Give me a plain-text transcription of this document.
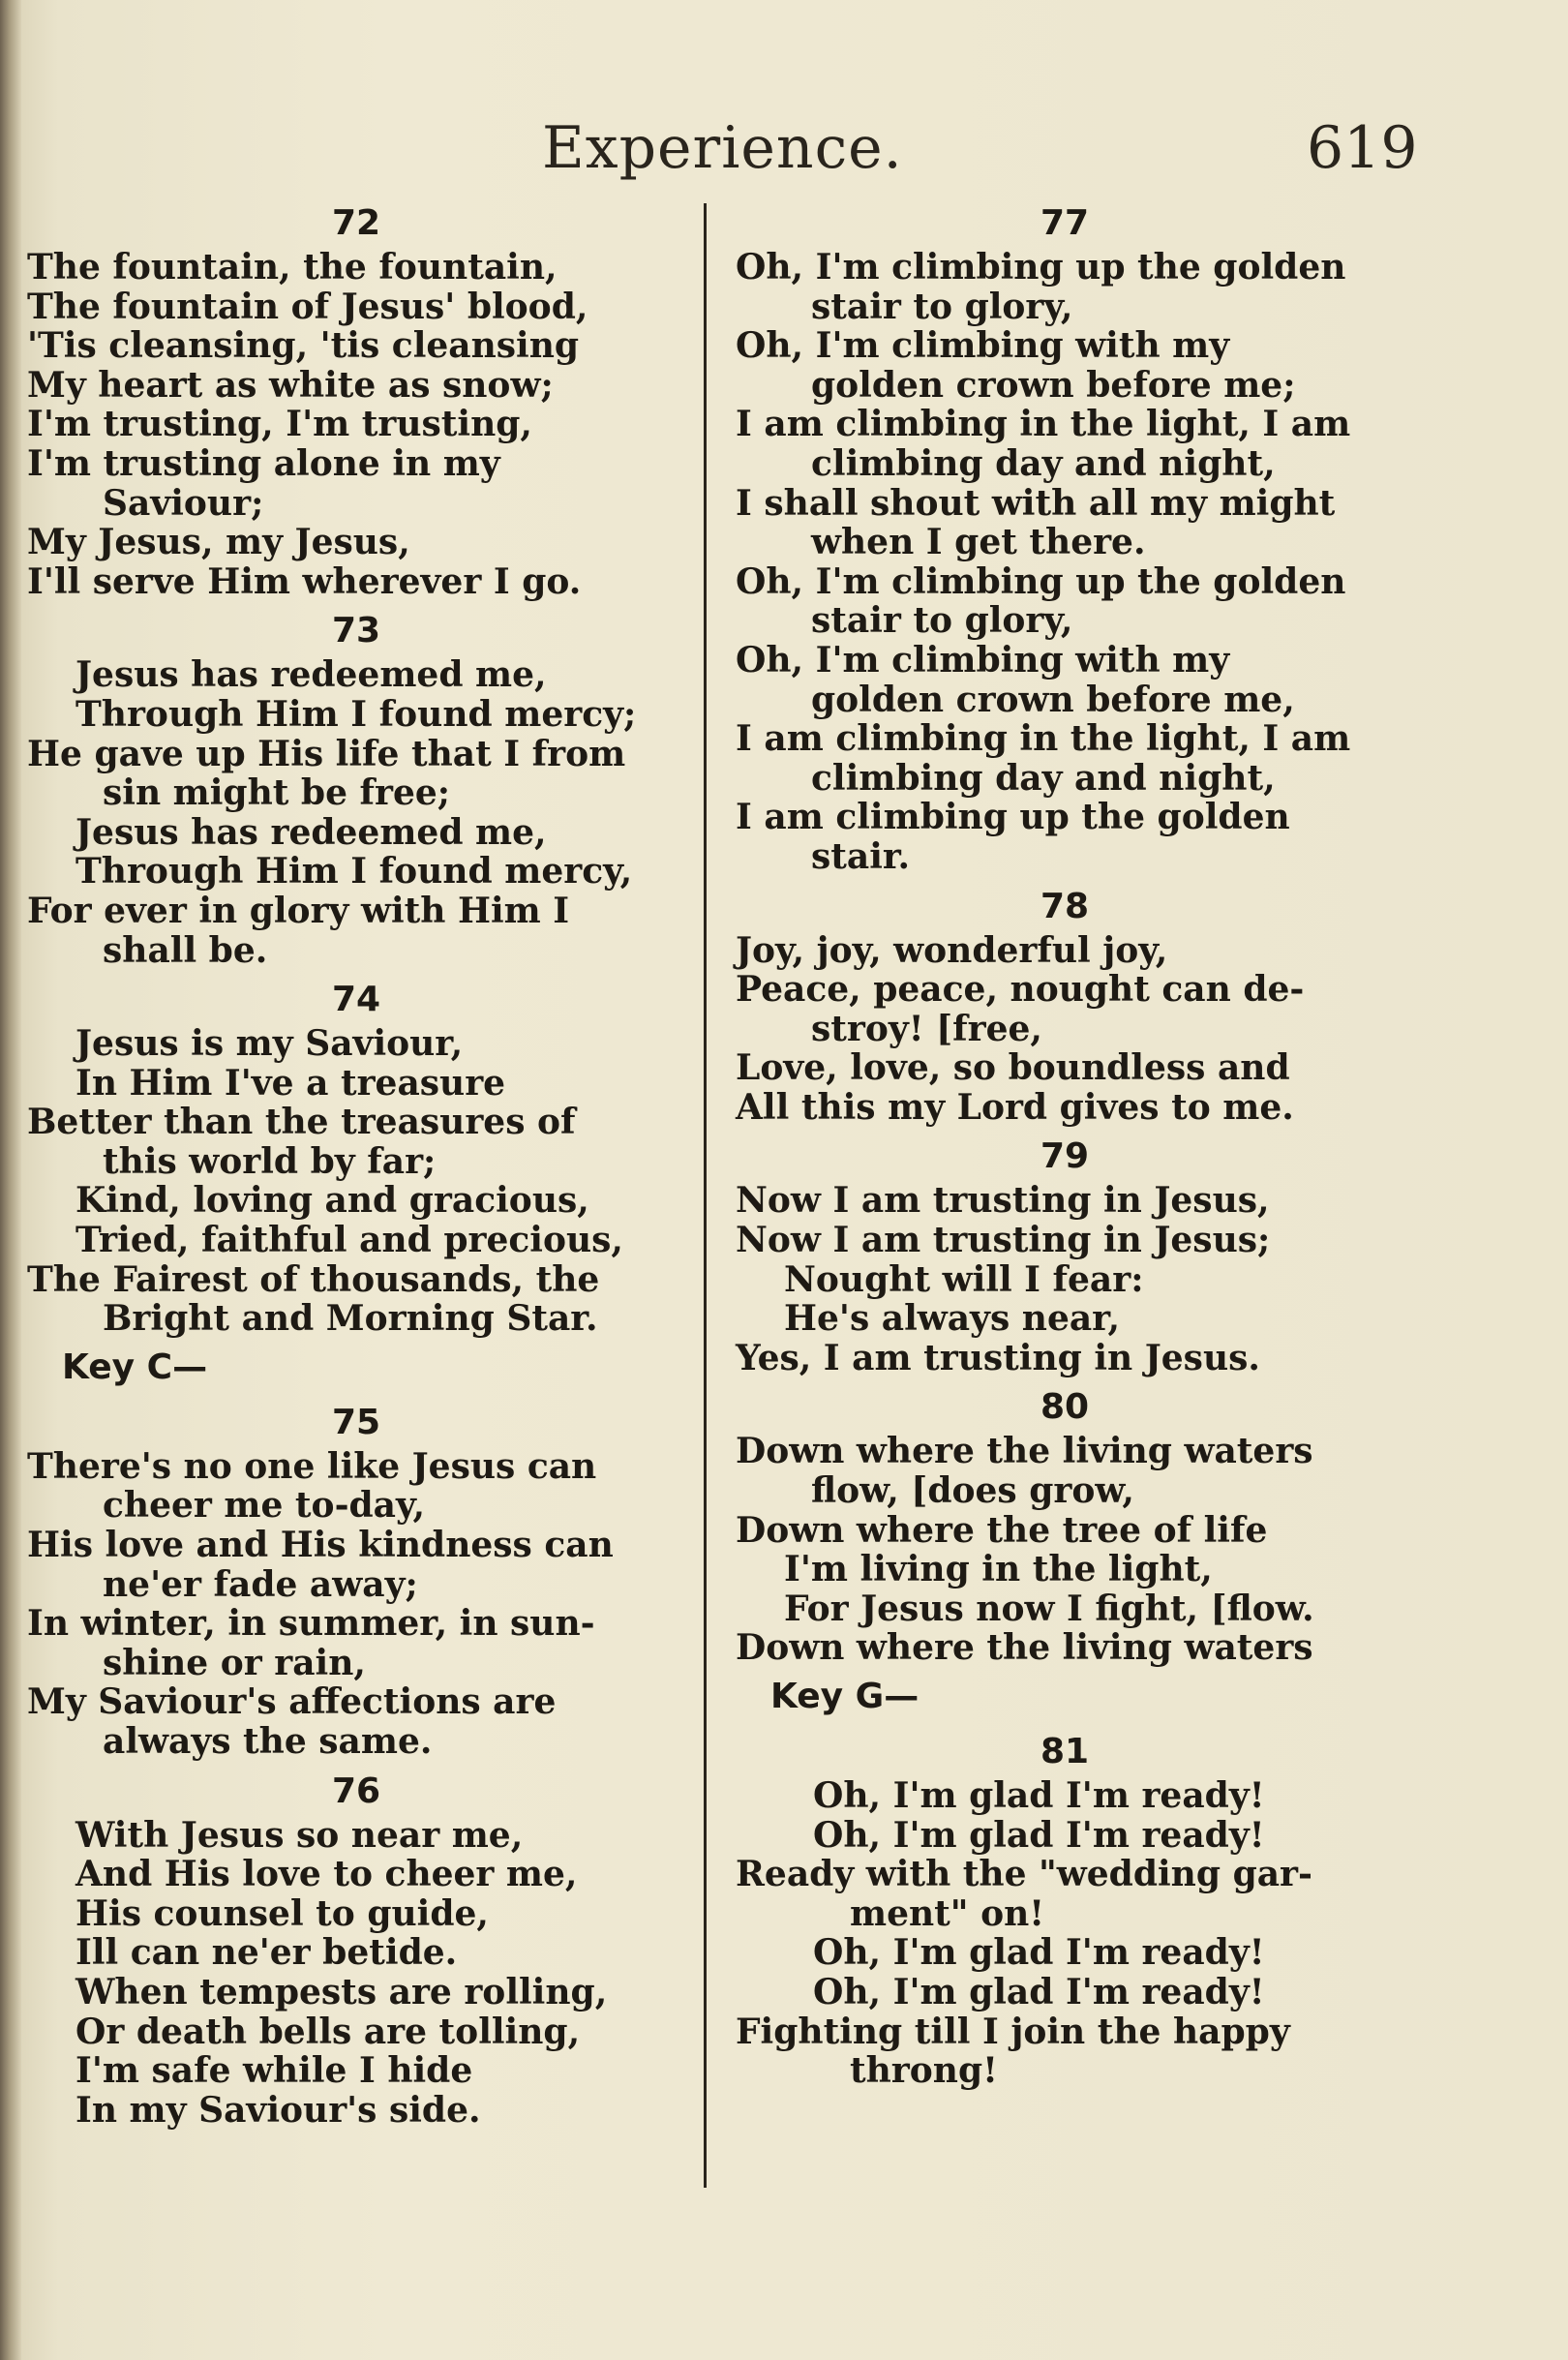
Experience.	619
72
The fountain, the fountain,
The fountain of Jesus' blood,
'Tis cleansing, 'tis cleansing
My heart as white as snow;
I'm trusting, I'm trusting,
I'm trusting alone in my
Saviour;
My Jesus, my Jesus,
I'll serve Him wherever I go.
73
Jesus has redeemed me,
Through Him I found mercy;
He gave up His life that I from
sin might be free;
Jesus has redeemed me,
Through Him I found mercy,
For ever in glory with Him I
shall be.
74
Jesus is my Saviour,
In Him I've a treasure
Better than the treasures of
this world by far;
Kind, loving and gracious,
Tried, faithful and precious,
The Fairest of thousands, the
Bright and Morning Star.
Key C—
75
There's no one like Jesus can
cheer me to-day,
His love and His kindness can
ne'er fade away;
In winter, in summer, in sun-
shine or rain,
My Saviour's affections are
always the same.
76
With Jesus so near me,
And His love to cheer me,
His counsel to guide,
Ill can ne'er betide.
When tempests are rolling,
Or death bells are tolling,
I'm safe while I hide
In my Saviour's side.
77
Oh, I'm climbing up the golden
stair to glory,
Oh, I'm climbing with my
golden crown before me;
I am climbing in the light, I am
climbing day and night,
I shall shout with all my might
when I get there.
Oh, I'm climbing up the golden
stair to glory,
Oh, I'm climbing with my
golden crown before me,
I am climbing in the light, I am
climbing day and night,
I am climbing up the golden
stair.
78
Joy, joy, wonderful joy,
Peace, peace, nought can de-
stroy! [free,
Love, love, so boundless and
All this my Lord gives to me.
79
Now I am trusting in Jesus,
Now I am trusting in Jesus;
Nought will I fear:
He's always near,
Yes, I am trusting in Jesus.
80
Down where the living waters
flow, [does grow,
Down where the tree of life
I'm living in the light,
For Jesus now I fight, [flow.
Down where the living waters
Key G—
81
Oh, I'm glad I'm ready!
Oh, I'm glad I'm ready!
Ready with the "wedding gar-
ment" on!
Oh, I'm glad I'm ready!
Oh, I'm glad I'm ready!
Fighting till I join the happy
throng!
